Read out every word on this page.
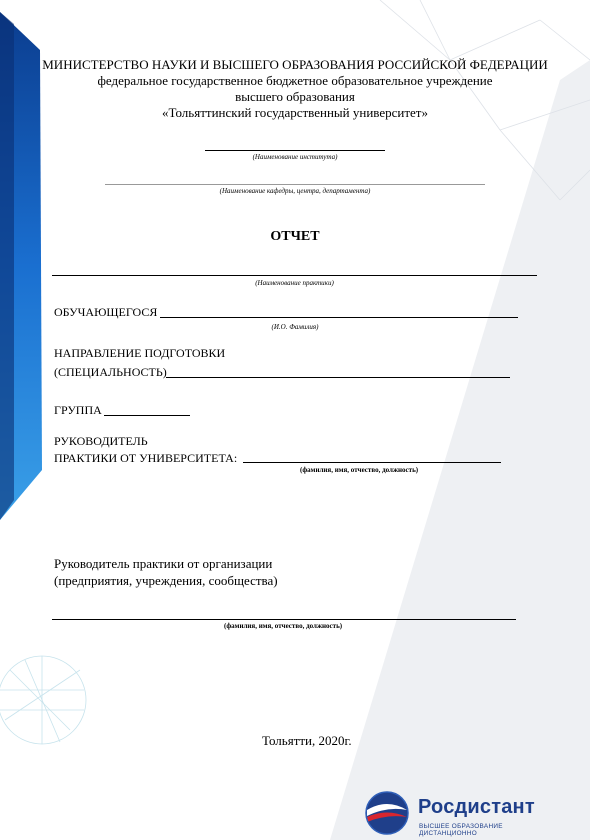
МИНИСТЕРСТВО НАУКИ И ВЫСШЕГО ОБРАЗОВАНИЯ РОССИЙСКОЙ ФЕДЕРАЦИИ
федеральное государственное бюджетное образовательное учреждение
высшего образования
«Тольяттинский государственный университет»
(Наименование института)
(Наименование кафедры, центра, департамента)
ОТЧЕТ
(Наименование практики)
ОБУЧАЮЩЕГОСЯ
(И.О. Фамилия)
НАПРАВЛЕНИЕ ПОДГОТОВКИ
(СПЕЦИАЛЬНОСТЬ)
ГРУППА
РУКОВОДИТЕЛЬ
ПРАКТИКИ ОТ УНИВЕРСИТЕТА:
(фамилия, имя, отчество, должность)
Руководитель практики от организации
(предприятия, учреждения, сообщества)
(фамилия, имя, отчество, должность)
Тольятти, 2020г.
Росдистант
ВЫСШЕЕ ОБРАЗОВАНИЕ ДИСТАНЦИОННО
